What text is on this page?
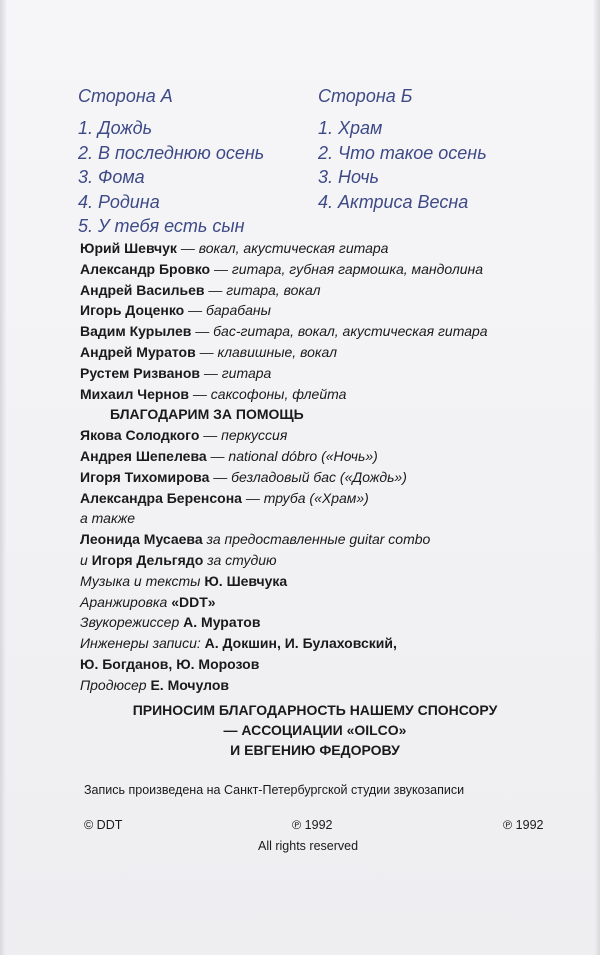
Сторона А
1. Дождь
2. В последнюю осень
3. Фома
4. Родина
5. У тебя есть сын
Сторона Б
1. Храм
2. Что такое осень
3. Ночь
4. Актриса Весна
Юрий Шевчук — вокал, акустическая гитара
Александр Бровко — гитара, губная гармошка, мандолина
Андрей Васильев — гитара, вокал
Игорь Доценко — барабаны
Вадим Курылев — бас-гитара, вокал, акустическая гитара
Андрей Муратов — клавишные, вокал
Рустем Ризванов — гитара
Михаил Чернов — саксофоны, флейта
БЛАГОДАРИМ ЗА ПОМОЩЬ
Якова Солодкого — перкуссия
Андрея Шепелева — national dóbro («Ночь»)
Игоря Тихомирова — безладовый бас («Дождь»)
Александра Беренсона — труба («Храм»)
а также
Леонида Мусаева за предоставленные guitar combo
и Игоря Дельгядо за студию
Музыка и тексты Ю. Шевчука
Аранжировка «DDT»
Звукорежиссер А. Муратов
Инженеры записи: А. Докшин, И. Булаховский,
Ю. Богданов, Ю. Морозов
Продюсер Е. Мочулов
ПРИНОСИМ БЛАГОДАРНОСТЬ НАШЕМУ СПОНСОРУ
— АССОЦИАЦИИ «OILCO»
И ЕВГЕНИЮ ФЕДОРОВУ
Запись произведена на Санкт-Петербургской студии звукозаписи
© DDT	℗ 1992	℗ 1992
All rights reserved
